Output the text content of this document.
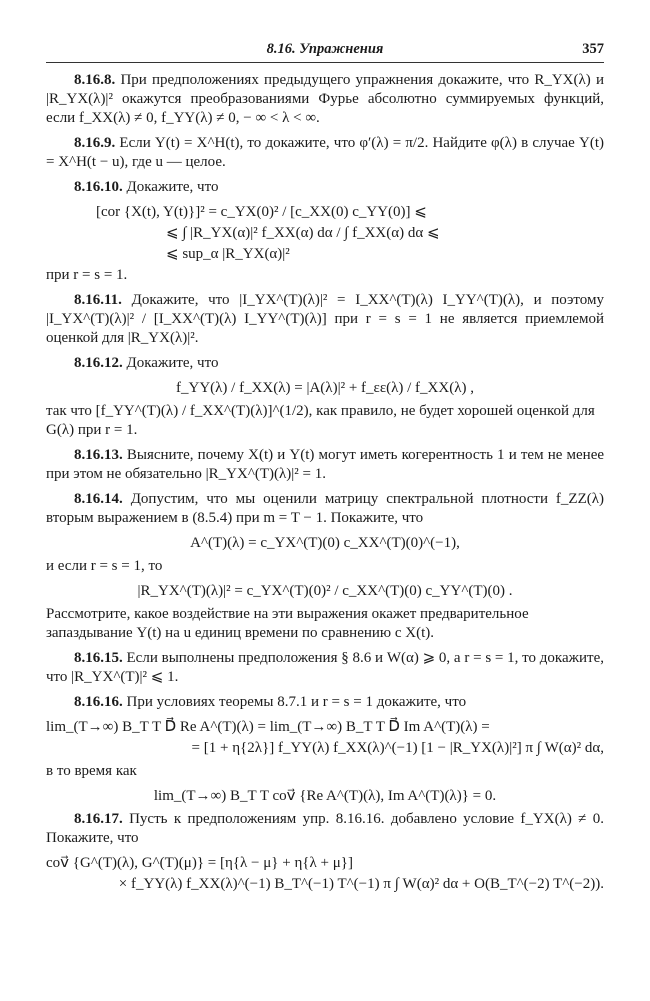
8.16. Упражнения	357

8.16.8. При предположениях предыдущего упражнения докажите, что R_YX(λ) и |R_YX(λ)|² окажутся преобразованиями Фурье абсолютно суммируемых функций, если f_XX(λ) ≠ 0, f_YY(λ) ≠ 0, − ∞ < λ < ∞.

8.16.9. Если Y(t) = X^H(t), то докажите, что φ′(λ) = π/2. Найдите φ(λ) в случае Y(t) = X^H(t − u), где u — целое.

8.16.10. Докажите, что

[cor {X(t), Y(t)}]² = c_YX(0)² / [c_XX(0) c_YY(0)] ⩽
⩽ ∫ |R_YX(α)|² f_XX(α) dα / ∫ f_XX(α) dα ⩽
⩽ sup_α |R_YX(α)|²

при r = s = 1.

8.16.11. Докажите, что |I_YX^(T)(λ)|² = I_XX^(T)(λ) I_YY^(T)(λ), и поэтому |I_YX^(T)(λ)|² / [I_XX^(T)(λ) I_YY^(T)(λ)] при r = s = 1 не является приемлемой оценкой для |R_YX(λ)|².

8.16.12. Докажите, что

f_YY(λ) / f_XX(λ) = |A(λ)|² + f_εε(λ) / f_XX(λ) ,

так что [f_YY^(T)(λ) / f_XX^(T)(λ)]^(1/2), как правило, не будет хорошей оценкой для G(λ) при r = 1.

8.16.13. Выясните, почему X(t) и Y(t) могут иметь когерентность 1 и тем не менее при этом не обязательно |R_YX^(T)(λ)|² = 1.

8.16.14. Допустим, что мы оценили матрицу спектральной плотности f_ZZ(λ) вторым выражением в (8.5.4) при m = T − 1. Покажите, что

A^(T)(λ) = c_YX^(T)(0) c_XX^(T)(0)^(−1),

и если r = s = 1, то

|R_YX^(T)(λ)|² = c_YX^(T)(0)² / c_XX^(T)(0) c_YY^(T)(0) .

Рассмотрите, какое воздействие на эти выражения окажет предварительное запаздывание Y(t) на u единиц времени по сравнению с X(t).

8.16.15. Если выполнены предположения § 8.6 и W(α) ⩾ 0, а r = s = 1, то докажите, что |R_YX^(T)|² ⩽ 1.

8.16.16. При условиях теоремы 8.7.1 и r = s = 1 докажите, что

lim_(T→∞) B_T T D⃗ Re A^(T)(λ) = lim_(T→∞) B_T T D⃗ Im A^(T)(λ) =
= [1 + η{2λ}] f_YY(λ) f_XX(λ)^(−1) [1 − |R_YX(λ)|²] π ∫ W(α)² dα,

в то время как

lim_(T→∞) B_T T cov⃗ {Re A^(T)(λ), Im A^(T)(λ)} = 0.

8.16.17. Пусть к предположениям упр. 8.16.16. добавлено условие f_YX(λ) ≠ 0. Покажите, что

cov⃗ {G^(T)(λ), G^(T)(μ)} = [η{λ − μ} + η{λ + μ}]
× f_YY(λ) f_XX(λ)^(−1) B_T^(−1) T^(−1) π ∫ W(α)² dα + O(B_T^(−2) T^(−2)).
